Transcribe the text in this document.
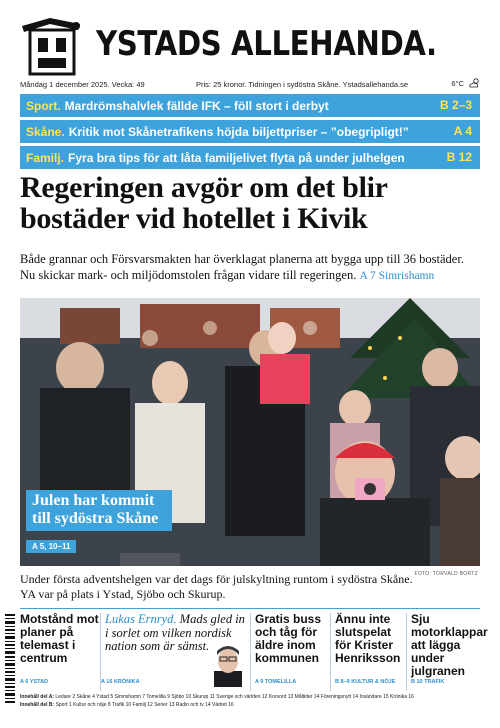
YSTADS ALLEHANDA.
Måndag 1 december 2025. Vecka: 49	Pris: 25 kronor. Tidningen i sydöstra Skåne. Ystadsallehanda.se	6°C
Sport. Mardrömshalvlek fällde IFK – föll stort i derbyt	B 2–3
Skåne. Kritik mot Skånetrafikens höjda biljettpriser – ”obegripligt!”	A 4
Familj. Fyra bra tips för att låta familjelivet flyta på under julhelgen	B 12
Regeringen avgör om det blir bostäder vid hotellet i Kivik

Både grannar och Försvarsmakten har överklagat planerna att bygga upp till 36 bostäder. Nu skickar mark- och miljödomstolen frågan vidare till regeringen. A 7 Simrishamn

Julen har kommit till sydöstra Skåne
A 5, 10–11
FOTO: TORVALD BORTZ

Under första adventshelgen var det dags för julskyltning runtom i sydöstra Skåne. YA var på plats i Ystad, Sjöbo och Skurup.

Motstånd mot planer på telemast i centrum
A 6 YSTAD
Lukas Ernryd. Mads gled in i sorlet om vilken nordisk nation som är sämst.
A 16 KRÖNIKA
Gratis buss och tåg för äldre inom kommunen
A 9 TOMELILLA
Ännu inte slutspelat för Krister Henriksson
B 8–9 KULTUR & NÖJE
Sju motorklappar att lägga under julgranen
B 10 TRAFIK
Innehåll del A: Ledare 2 Skåne 4 Ystad 5 Simrishamn 7 Tomelilla 9 Sjöbo 10 Skurup 11 Sverige och världen 12 Korsord 13 Måltider 14 Föreningsnytt 14 Insändare 15 Krönika 16
Innehåll del B: Sport 1 Kultur och nöje 8 Trafik 10 Familj 12 Serier 13 Radio och tv 14 Vädret 16
